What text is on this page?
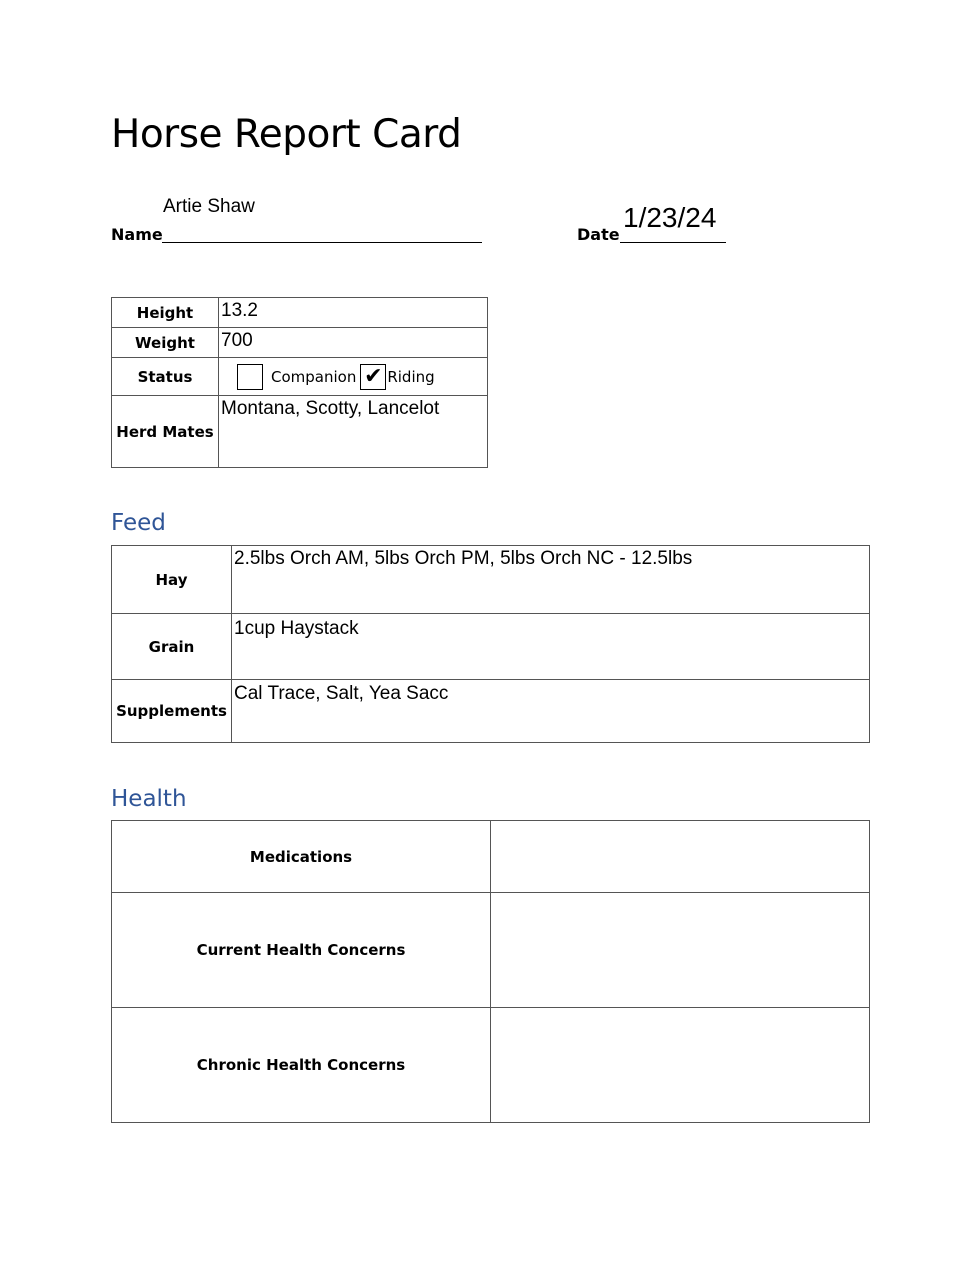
Horse Report Card
Artie Shaw
Name
1/23/24
Date
Height	13.2

Weight	700

Status	Companion ✔ Riding

Herd Mates	Montana, Scotty, Lancelot
Feed
Hay	2.5lbs Orch AM, 5lbs Orch PM, 5lbs Orch NC - 12.5lbs

Grain	1cup Haystack

Supplements	Cal Trace, Salt, Yea Sacc
Health
Medications	
Current Health Concerns	
Chronic Health Concerns	
